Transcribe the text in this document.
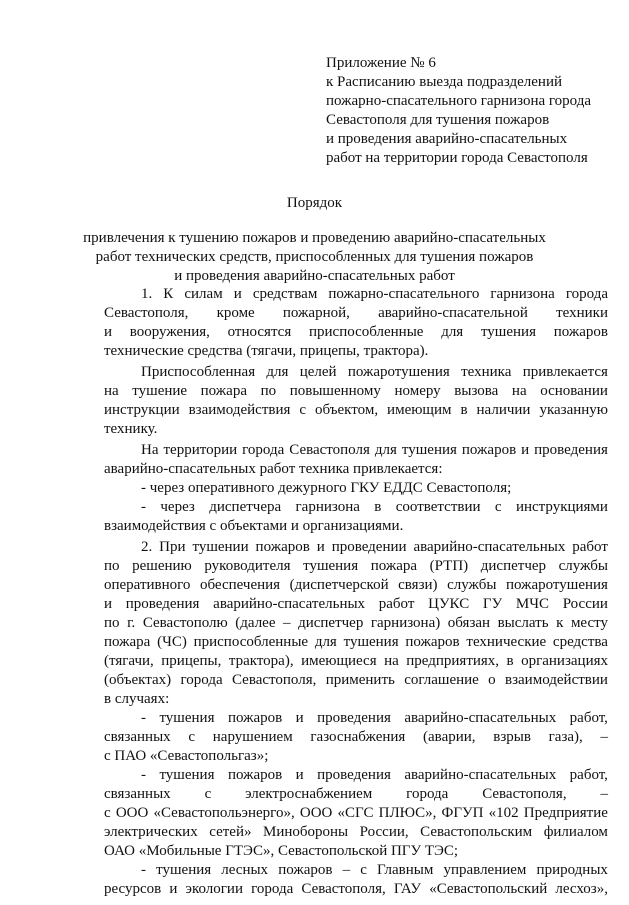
Приложение № 6
к Расписанию выезда подразделений
пожарно-спасательного гарнизона города
Севастополя для тушения пожаров
и проведения аварийно-спасательных
работ на территории города Севастополя
Порядок
привлечения к тушению пожаров и проведению аварийно-спасательных
работ технических средств, приспособленных для тушения пожаров
и проведения аварийно-спасательных работ
1. К силам и средствам пожарно-спасательного гарнизона города
Севастополя, кроме пожарной, аварийно-спасательной техники
и вооружения, относятся приспособленные для тушения пожаров
технические средства (тягачи, прицепы, трактора).
Приспособленная для целей пожаротушения техника привлекается
на тушение пожара по повышенному номеру вызова на основании
инструкции взаимодействия с объектом, имеющим в наличии указанную
технику.
На территории города Севастополя для тушения пожаров и проведения
аварийно-спасательных работ техника привлекается:
- через оперативного дежурного ГКУ ЕДДС Севастополя;
- через диспетчера гарнизона в соответствии с инструкциями
взаимодействия с объектами и организациями.
2. При тушении пожаров и проведении аварийно-спасательных работ
по решению руководителя тушения пожара (РТП) диспетчер службы
оперативного обеспечения (диспетчерской связи) службы пожаротушения
и проведения аварийно-спасательных работ ЦУКС ГУ МЧС России
по г. Севастополю (далее – диспетчер гарнизона) обязан выслать к месту
пожара (ЧС) приспособленные для тушения пожаров технические средства
(тягачи, прицепы, трактора), имеющиеся на предприятиях, в организациях
(объектах) города Севастополя, применить соглашение о взаимодействии
в случаях:
- тушения пожаров и проведения аварийно-спасательных работ,
связанных с нарушением газоснабжения (аварии, взрыв газа), –
с ПАО «Севастопольгаз»;
- тушения пожаров и проведения аварийно-спасательных работ,
связанных с электроснабжением города Севастополя, –
с ООО «Севастопольэнерго», ООО «СГС ПЛЮС», ФГУП «102 Предприятие
электрических сетей» Минобороны России, Севастопольским филиалом
ОАО «Мобильные ГТЭС», Севастопольской ПГУ ТЭС;
- тушения лесных пожаров – с Главным управлением природных
ресурсов и экологии города Севастополя, ГАУ «Севастопольский лесхоз»,
